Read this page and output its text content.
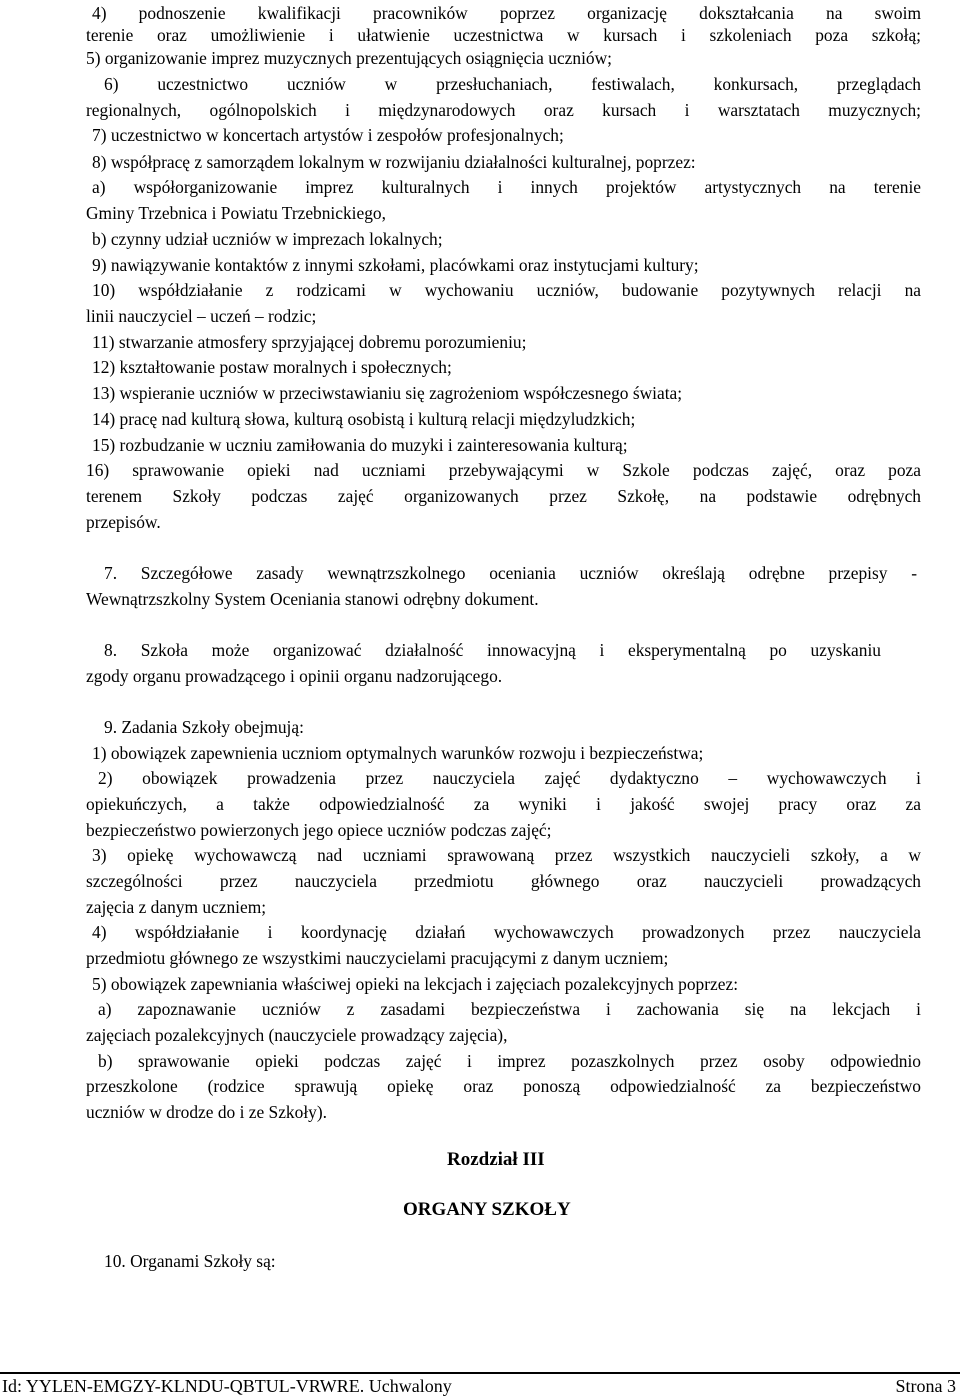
4) podnoszenie kwalifikacji pracowników poprzez organizację dokształcania na swoim
terenie oraz umożliwienie i ułatwienie uczestnictwa w kursach i szkoleniach poza szkołą;
5) organizowanie imprez muzycznych prezentujących osiągnięcia uczniów;
6) uczestnictwo uczniów w przesłuchaniach, festiwalach, konkursach, przeglądach
regionalnych, ogólnopolskich i międzynarodowych oraz kursach i warsztatach muzycznych;
7) uczestnictwo w koncertach artystów i zespołów profesjonalnych;
8) współpracę z samorządem lokalnym w rozwijaniu działalności kulturalnej, poprzez:
a) współorganizowanie imprez kulturalnych i innych projektów artystycznych na terenie
Gminy Trzebnica i Powiatu Trzebnickiego,
b) czynny udział uczniów w imprezach lokalnych;
9) nawiązywanie kontaktów z innymi szkołami, placówkami oraz instytucjami kultury;
10) współdziałanie z rodzicami w wychowaniu uczniów, budowanie pozytywnych relacji na
linii nauczyciel – uczeń – rodzic;
11) stwarzanie atmosfery sprzyjającej dobremu porozumieniu;
12) kształtowanie postaw moralnych i społecznych;
13) wspieranie uczniów w przeciwstawianiu się zagrożeniom współczesnego świata;
14) pracę nad kulturą słowa, kulturą osobistą i kulturą relacji międzyludzkich;
15) rozbudzanie w uczniu zamiłowania do muzyki i zainteresowania kulturą;
16) sprawowanie opieki nad uczniami przebywającymi w Szkole podczas zajęć, oraz poza
terenem Szkoły podczas zajęć organizowanych przez Szkołę, na podstawie odrębnych
przepisów.
7. Szczegółowe zasady wewnątrzszkolnego oceniania uczniów określają odrębne przepisy -
Wewnątrzszkolny System Oceniania stanowi odrębny dokument.
8. Szkoła może organizować działalność innowacyjną i eksperymentalną po uzyskaniu
zgody organu prowadzącego i opinii organu nadzorującego.
9. Zadania Szkoły obejmują:
1) obowiązek zapewnienia uczniom optymalnych warunków rozwoju i bezpieczeństwa;
2) obowiązek prowadzenia przez nauczyciela zajęć dydaktyczno – wychowawczych i
opiekuńczych, a także odpowiedzialność za wyniki i jakość swojej pracy oraz za
bezpieczeństwo powierzonych jego opiece uczniów podczas zajęć;
3) opiekę wychowawczą nad uczniami sprawowaną przez wszystkich nauczycieli szkoły, a w
szczególności przez nauczyciela przedmiotu głównego oraz nauczycieli prowadzących
zajęcia z danym uczniem;
4) współdziałanie i koordynację działań wychowawczych prowadzonych przez nauczyciela
przedmiotu głównego ze wszystkimi nauczycielami pracującymi z danym uczniem;
5) obowiązek zapewniania właściwej opieki na lekcjach i zajęciach pozalekcyjnych poprzez:
a) zapoznawanie uczniów z zasadami bezpieczeństwa i zachowania się na lekcjach i
zajęciach pozalekcyjnych (nauczyciele prowadzący zajęcia),
b) sprawowanie opieki podczas zajęć i imprez pozaszkolnych przez osoby odpowiednio
przeszkolone (rodzice sprawują opiekę oraz ponoszą odpowiedzialność za bezpieczeństwo
uczniów w drodze do i ze Szkoły).
Rozdział III
ORGANY SZKOŁY
10. Organami Szkoły są:
Id: YYLEN-EMGZY-KLNDU-QBTUL-VRWRE. Uchwalony	Strona 3
